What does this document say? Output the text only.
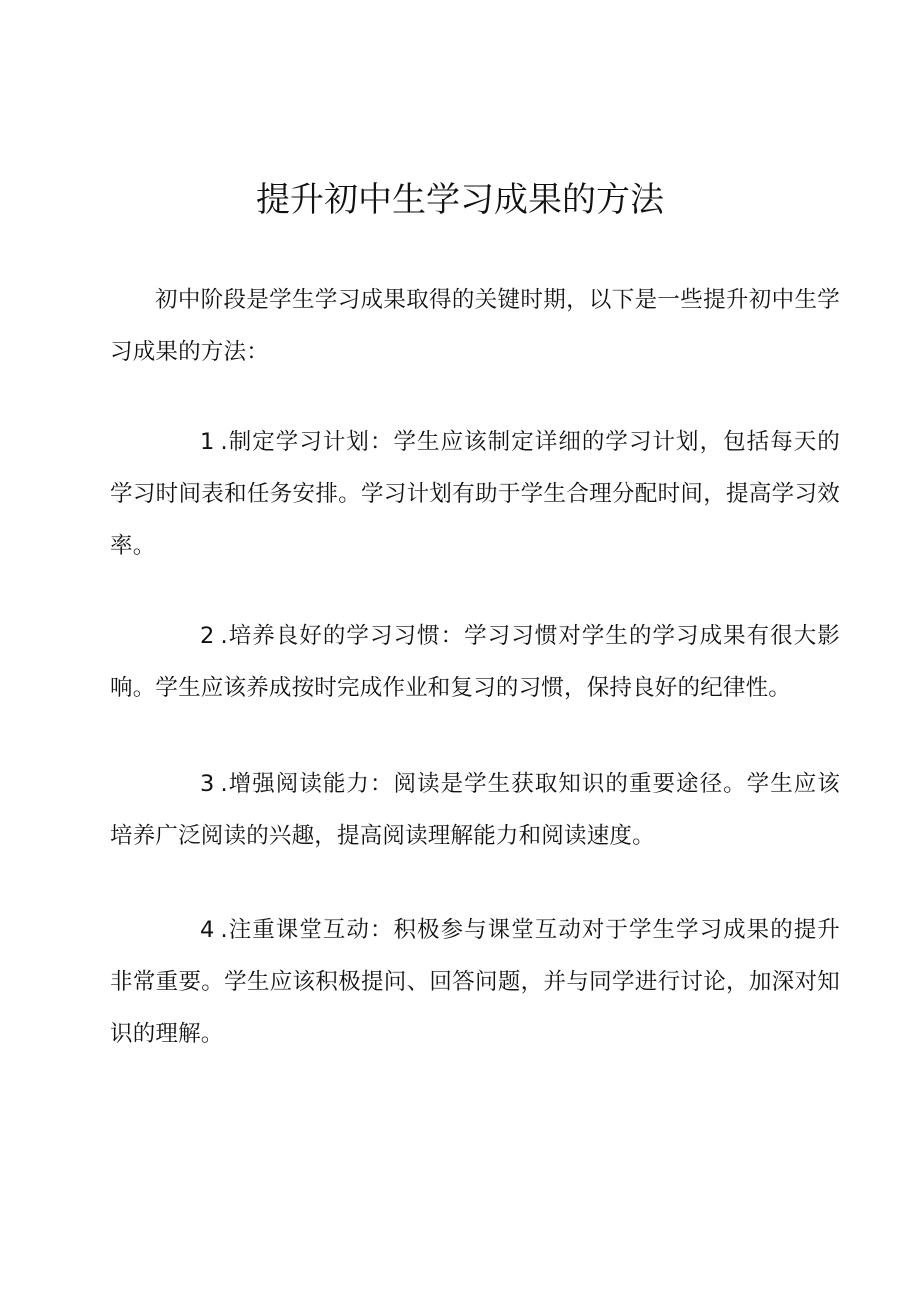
提升初中生学习成果的方法

初中阶段是学生学习成果取得的关键时期，以下是一些提升初中生学习成果的方法：

1 .制定学习计划：学生应该制定详细的学习计划，包括每天的学习时间表和任务安排。学习计划有助于学生合理分配时间，提高学习效率。

2 .培养良好的学习习惯：学习习惯对学生的学习成果有很大影响。学生应该养成按时完成作业和复习的习惯，保持良好的纪律性。

3 .增强阅读能力：阅读是学生获取知识的重要途径。学生应该培养广泛阅读的兴趣，提高阅读理解能力和阅读速度。

4 .注重课堂互动：积极参与课堂互动对于学生学习成果的提升非常重要。学生应该积极提问、回答问题，并与同学进行讨论，加深对知识的理解。
